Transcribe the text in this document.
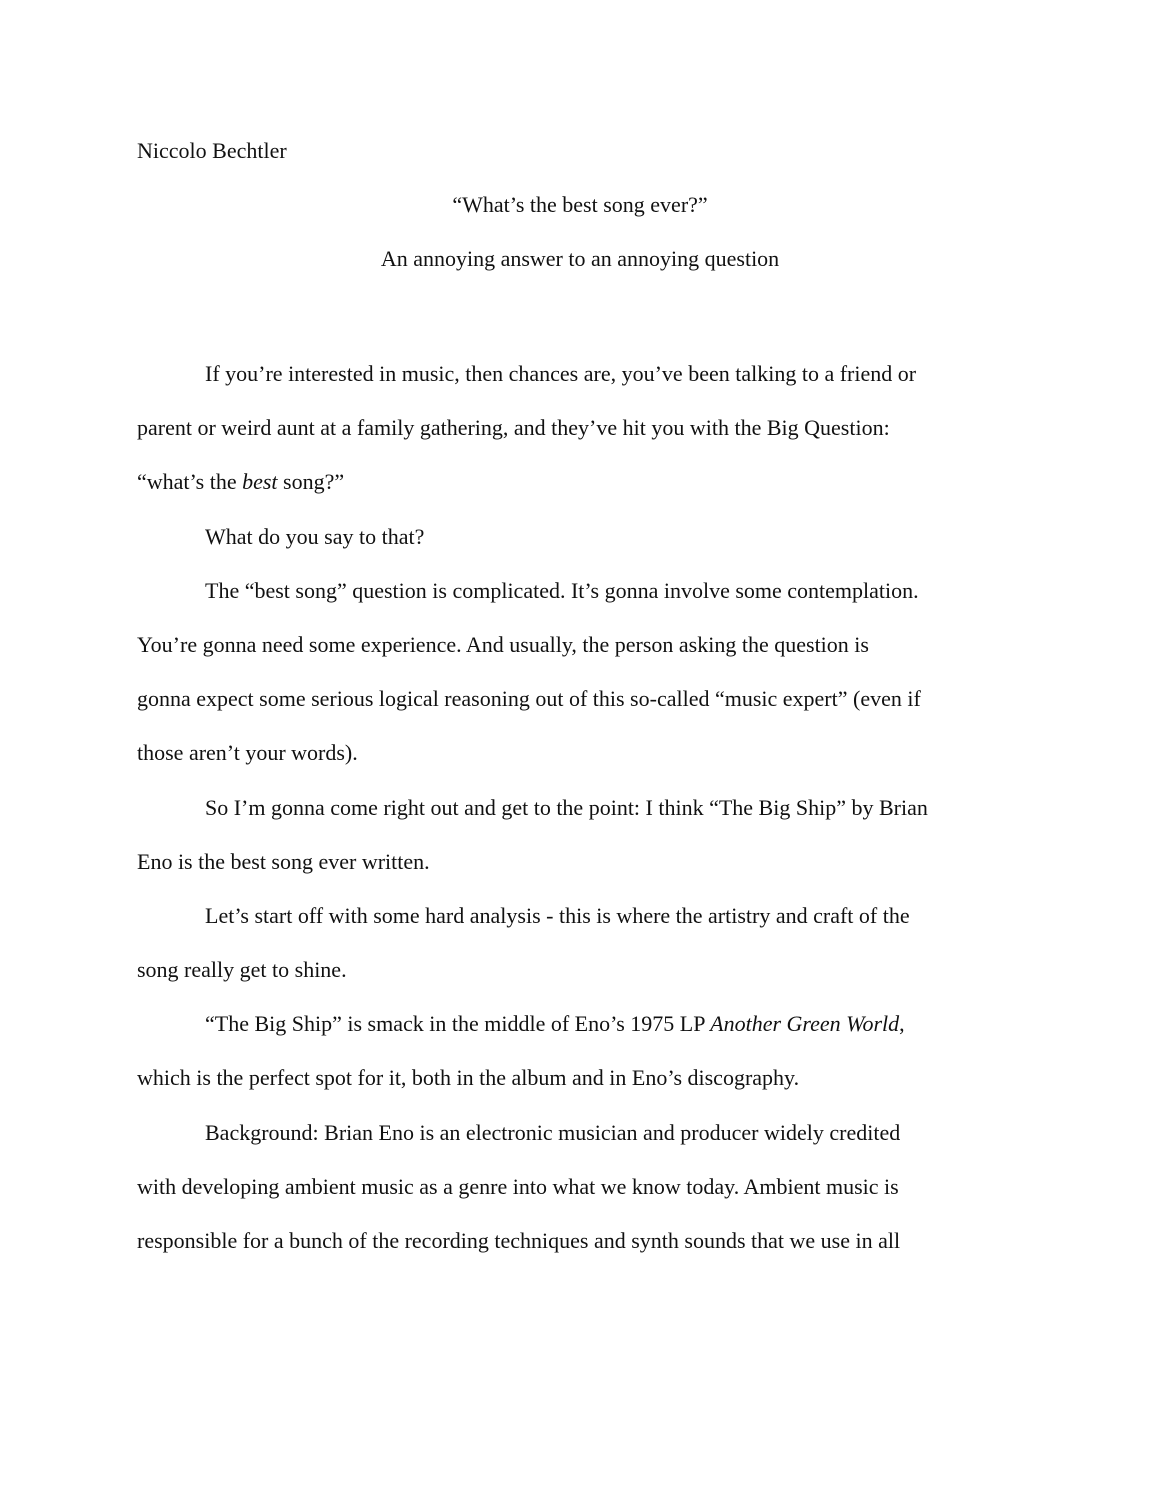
Niccolo Bechtler
“What’s the best song ever?”
An annoying answer to an annoying question
If you’re interested in music, then chances are, you’ve been talking to a friend or
parent or weird aunt at a family gathering, and they’ve hit you with the Big Question:
“what’s the best song?”
What do you say to that?
The “best song” question is complicated. It’s gonna involve some contemplation.
You’re gonna need some experience. And usually, the person asking the question is
gonna expect some serious logical reasoning out of this so-called “music expert” (even if
those aren’t your words).
So I’m gonna come right out and get to the point: I think “The Big Ship” by Brian
Eno is the best song ever written.
Let’s start off with some hard analysis - this is where the artistry and craft of the
song really get to shine.
“The Big Ship” is smack in the middle of Eno’s 1975 LP Another Green World,
which is the perfect spot for it, both in the album and in Eno’s discography.
Background: Brian Eno is an electronic musician and producer widely credited
with developing ambient music as a genre into what we know today. Ambient music is
responsible for a bunch of the recording techniques and synth sounds that we use in all
